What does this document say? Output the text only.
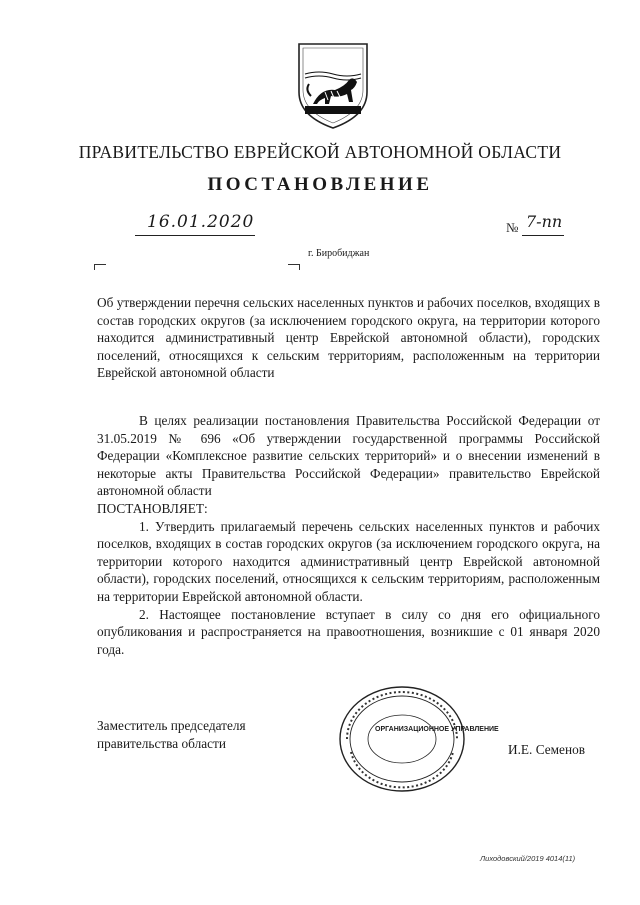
ПРАВИТЕЛЬСТВО ЕВРЕЙСКОЙ АВТОНОМНОЙ ОБЛАСТИ
ПОСТАНОВЛЕНИЕ
16.01.2020	№ 7-пп
г. Биробиджан
Об утверждении перечня сельских населенных пунктов и рабочих поселков, входящих в состав городских округов (за исключением городского округа, на территории которого находится административный центр Еврейской автономной области), городских поселений, относящихся к сельским территориям, расположенным на территории Еврейской автономной области

В целях реализации постановления Правительства Российской Федерации от 31.05.2019 № 696 «Об утверждении государственной программы Российской Федерации «Комплексное развитие сельских территорий» и о внесении изменений в некоторые акты Правительства Российской Федерации» правительство Еврейской автономной области

ПОСТАНОВЛЯЕТ:

1. Утвердить прилагаемый перечень сельских населенных пунктов и рабочих поселков, входящих в состав городских округов (за исключением городского округа, на территории которого находится административный центр Еврейской автономной области), городских поселений, относящихся к сельским территориям, расположенным на территории Еврейской автономной области.

2. Настоящее постановление вступает в силу со дня его официального опубликования и распространяется на правоотношения, возникшие с 01 января 2020 года.

Заместитель председателя
правительства области
ОРГАНИЗАЦИОННОЕ УПРАВЛЕНИЕ
И.Е. Семенов
Лиходовский/2019 4014(11)
